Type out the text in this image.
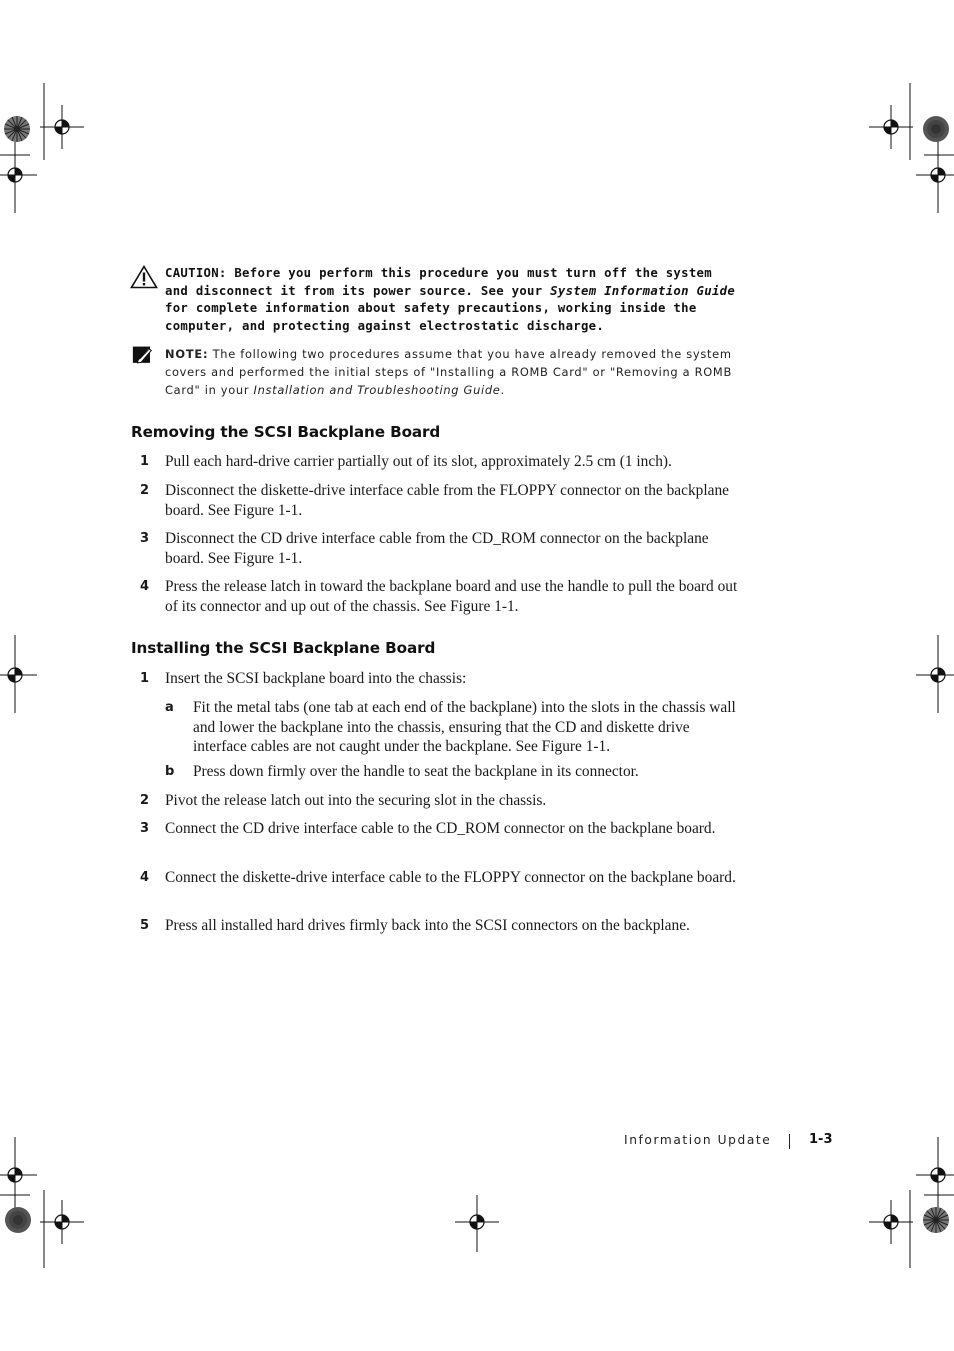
CAUTION: Before you perform this procedure you must turn off the system and disconnect it from its power source. See your System Information Guide for complete information about safety precautions, working inside the computer, and protecting against electrostatic discharge.
NOTE: The following two procedures assume that you have already removed the system covers and performed the initial steps of "Installing a ROMB Card" or "Removing a ROMB Card" in your Installation and Troubleshooting Guide.
Removing the SCSI Backplane Board
1 Pull each hard-drive carrier partially out of its slot, approximately 2.5 cm (1 inch).
2 Disconnect the diskette-drive interface cable from the FLOPPY connector on the backplane board. See Figure 1-1.
3 Disconnect the CD drive interface cable from the CD_ROM connector on the backplane board. See Figure 1-1.
4 Press the release latch in toward the backplane board and use the handle to pull the board out of its connector and up out of the chassis. See Figure 1-1.
Installing the SCSI Backplane Board
1 Insert the SCSI backplane board into the chassis:
a Fit the metal tabs (one tab at each end of the backplane) into the slots in the chassis wall and lower the backplane into the chassis, ensuring that the CD and diskette drive interface cables are not caught under the backplane. See Figure 1-1.
b Press down firmly over the handle to seat the backplane in its connector.
2 Pivot the release latch out into the securing slot in the chassis.
3 Connect the CD drive interface cable to the CD_ROM connector on the backplane board.
4 Connect the diskette-drive interface cable to the FLOPPY connector on the backplane board.
5 Press all installed hard drives firmly back into the SCSI connectors on the backplane.
Information Update	1-3
